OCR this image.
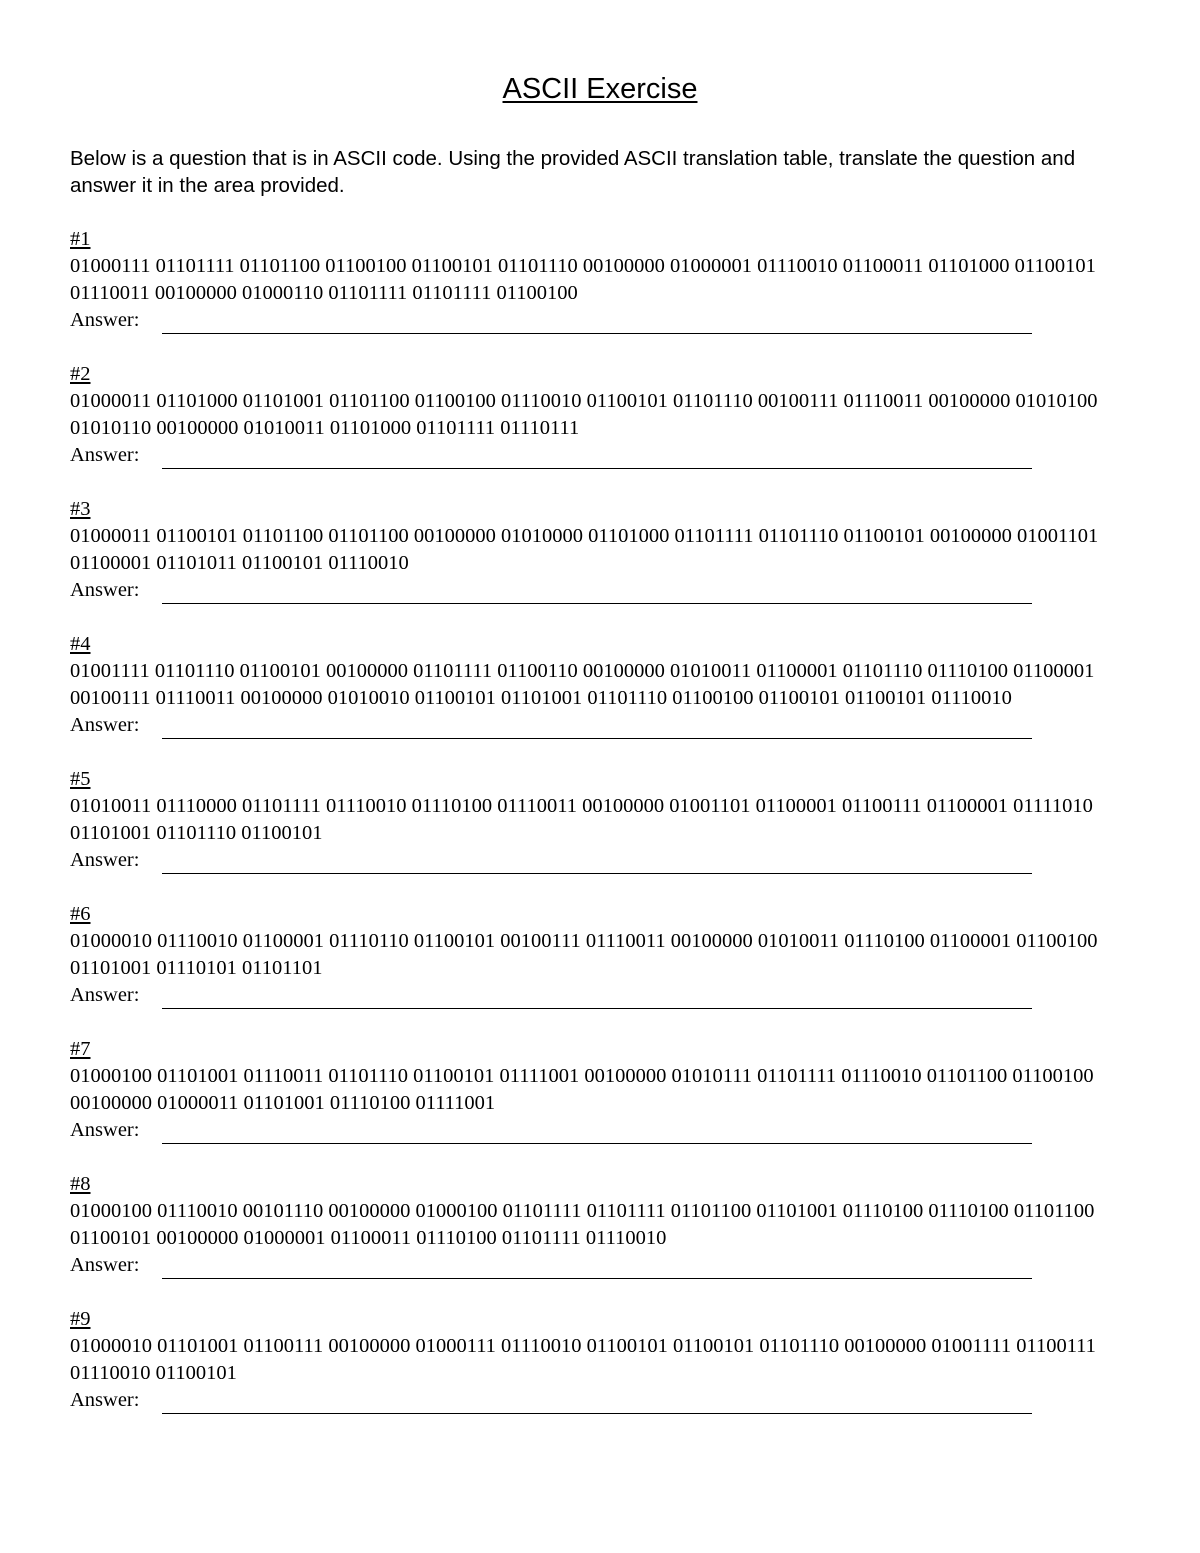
ASCII Exercise

Below is a question that is in ASCII code. Using the provided ASCII translation table, translate the question and answer it in the area provided.

#1
01000111 01101111 01101100 01100100 01100101 01101110 00100000 01000001 01110010 01100011 01101000 01100101 01110011 00100000 01000110 01101111 01101111 01100100
Answer:
#2
01000011 01101000 01101001 01101100 01100100 01110010 01100101 01101110 00100111 01110011 00100000 01010100 01010110 00100000 01010011 01101000 01101111 01110111
Answer:
#3
01000011 01100101 01101100 01101100 00100000 01010000 01101000 01101111 01101110 01100101 00100000 01001101 01100001 01101011 01100101 01110010
Answer:
#4
01001111 01101110 01100101 00100000 01101111 01100110 00100000 01010011 01100001 01101110 01110100 01100001 00100111 01110011 00100000 01010010 01100101 01101001 01101110 01100100 01100101 01100101 01110010
Answer:
#5
01010011 01110000 01101111 01110010 01110100 01110011 00100000 01001101 01100001 01100111 01100001 01111010 01101001 01101110 01100101
Answer:
#6
01000010 01110010 01100001 01110110 01100101 00100111 01110011 00100000 01010011 01110100 01100001 01100100 01101001 01110101 01101101
Answer:
#7
01000100 01101001 01110011 01101110 01100101 01111001 00100000 01010111 01101111 01110010 01101100 01100100 00100000 01000011 01101001 01110100 01111001
Answer:
#8
01000100 01110010 00101110 00100000 01000100 01101111 01101111 01101100 01101001 01110100 01110100 01101100 01100101 00100000 01000001 01100011 01110100 01101111 01110010
Answer:
#9
01000010 01101001 01100111 00100000 01000111 01110010 01100101 01100101 01101110 00100000 01001111 01100111 01110010 01100101
Answer:
